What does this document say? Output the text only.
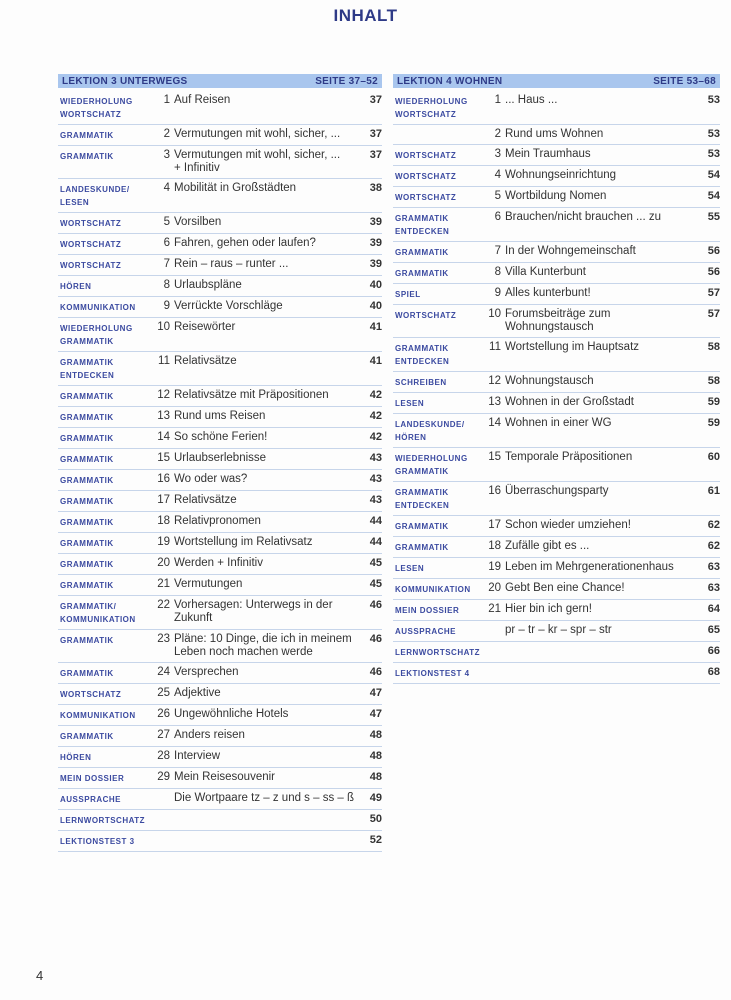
INHALT
LEKTION 3 UNTERWEGS	SEITE 37–52
WIEDERHOLUNG
WORTSCHATZ
1 Auf Reisen	37
GRAMMATIK	2 Vermutungen mit wohl, sicher, ...	37
GRAMMATIK	3 Vermutungen mit wohl, sicher, ...
+ Infinitiv
37
LANDESKUNDE/
LESEN
4 Mobilität in Großstädten	38
WORTSCHATZ	5 Vorsilben	39
WORTSCHATZ	6 Fahren, gehen oder laufen?	39
WORTSCHATZ	7 Rein – raus – runter ...	39
HÖREN	8 Urlaubspläne	40
KOMMUNIKATION	9 Verrückte Vorschläge	40
WIEDERHOLUNG
GRAMMATIK
10 Reisewörter	41
GRAMMATIK
ENTDECKEN
11 Relativsätze	41
GRAMMATIK	12 Relativsätze mit Präpositionen	42
GRAMMATIK	13 Rund ums Reisen	42
GRAMMATIK	14 So schöne Ferien!	42
GRAMMATIK	15 Urlaubserlebnisse	43
GRAMMATIK	16 Wo oder was?	43
GRAMMATIK	17 Relativsätze	43
GRAMMATIK	18 Relativpronomen	44
GRAMMATIK	19 Wortstellung im Relativsatz	44
GRAMMATIK	20 Werden + Infinitiv	45
GRAMMATIK	21 Vermutungen	45
GRAMMATIK/
KOMMUNIKATION
22 Vorhersagen: Unterwegs in der
Zukunft
46
GRAMMATIK	23 Pläne: 10 Dinge, die ich in meinem
Leben noch machen werde
46
GRAMMATIK	24 Versprechen	46
WORTSCHATZ	25 Adjektive	47
KOMMUNIKATION	26 Ungewöhnliche Hotels	47
GRAMMATIK	27 Anders reisen	48
HÖREN	28 Interview	48
MEIN DOSSIER	29 Mein Reisesouvenir	48
AUSSPRACHE	Die Wortpaare tz – z und s – ss – ß	49
LERNWORTSCHATZ	50
LEKTIONSTEST 3	52
LEKTION 4 WOHNEN	SEITE 53–68
WIEDERHOLUNG
WORTSCHATZ
1 ... Haus ...	53
2 Rund ums Wohnen	53
WORTSCHATZ	3 Mein Traumhaus	53
WORTSCHATZ	4 Wohnungseinrichtung	54
WORTSCHATZ	5 Wortbildung Nomen	54
GRAMMATIK
ENTDECKEN
6 Brauchen/nicht brauchen ... zu	55
GRAMMATIK	7 In der Wohngemeinschaft	56
GRAMMATIK	8 Villa Kunterbunt	56
SPIEL	9 Alles kunterbunt!	57
WORTSCHATZ	10 Forumsbeiträge zum
Wohnungstausch
57
GRAMMATIK
ENTDECKEN
11 Wortstellung im Hauptsatz	58
SCHREIBEN	12 Wohnungstausch	58
LESEN	13 Wohnen in der Großstadt	59
LANDESKUNDE/
HÖREN
14 Wohnen in einer WG	59
WIEDERHOLUNG
GRAMMATIK
15 Temporale Präpositionen	60
GRAMMATIK
ENTDECKEN
16 Überraschungsparty	61
GRAMMATIK	17 Schon wieder umziehen!	62
GRAMMATIK	18 Zufälle gibt es ...	62
LESEN	19 Leben im Mehrgenerationenhaus	63
KOMMUNIKATION	20 Gebt Ben eine Chance!	63
MEIN DOSSIER	21 Hier bin ich gern!	64
AUSSPRACHE	pr – tr – kr – spr – str	65
LERNWORTSCHATZ	66
LEKTIONSTEST 4	68
4
